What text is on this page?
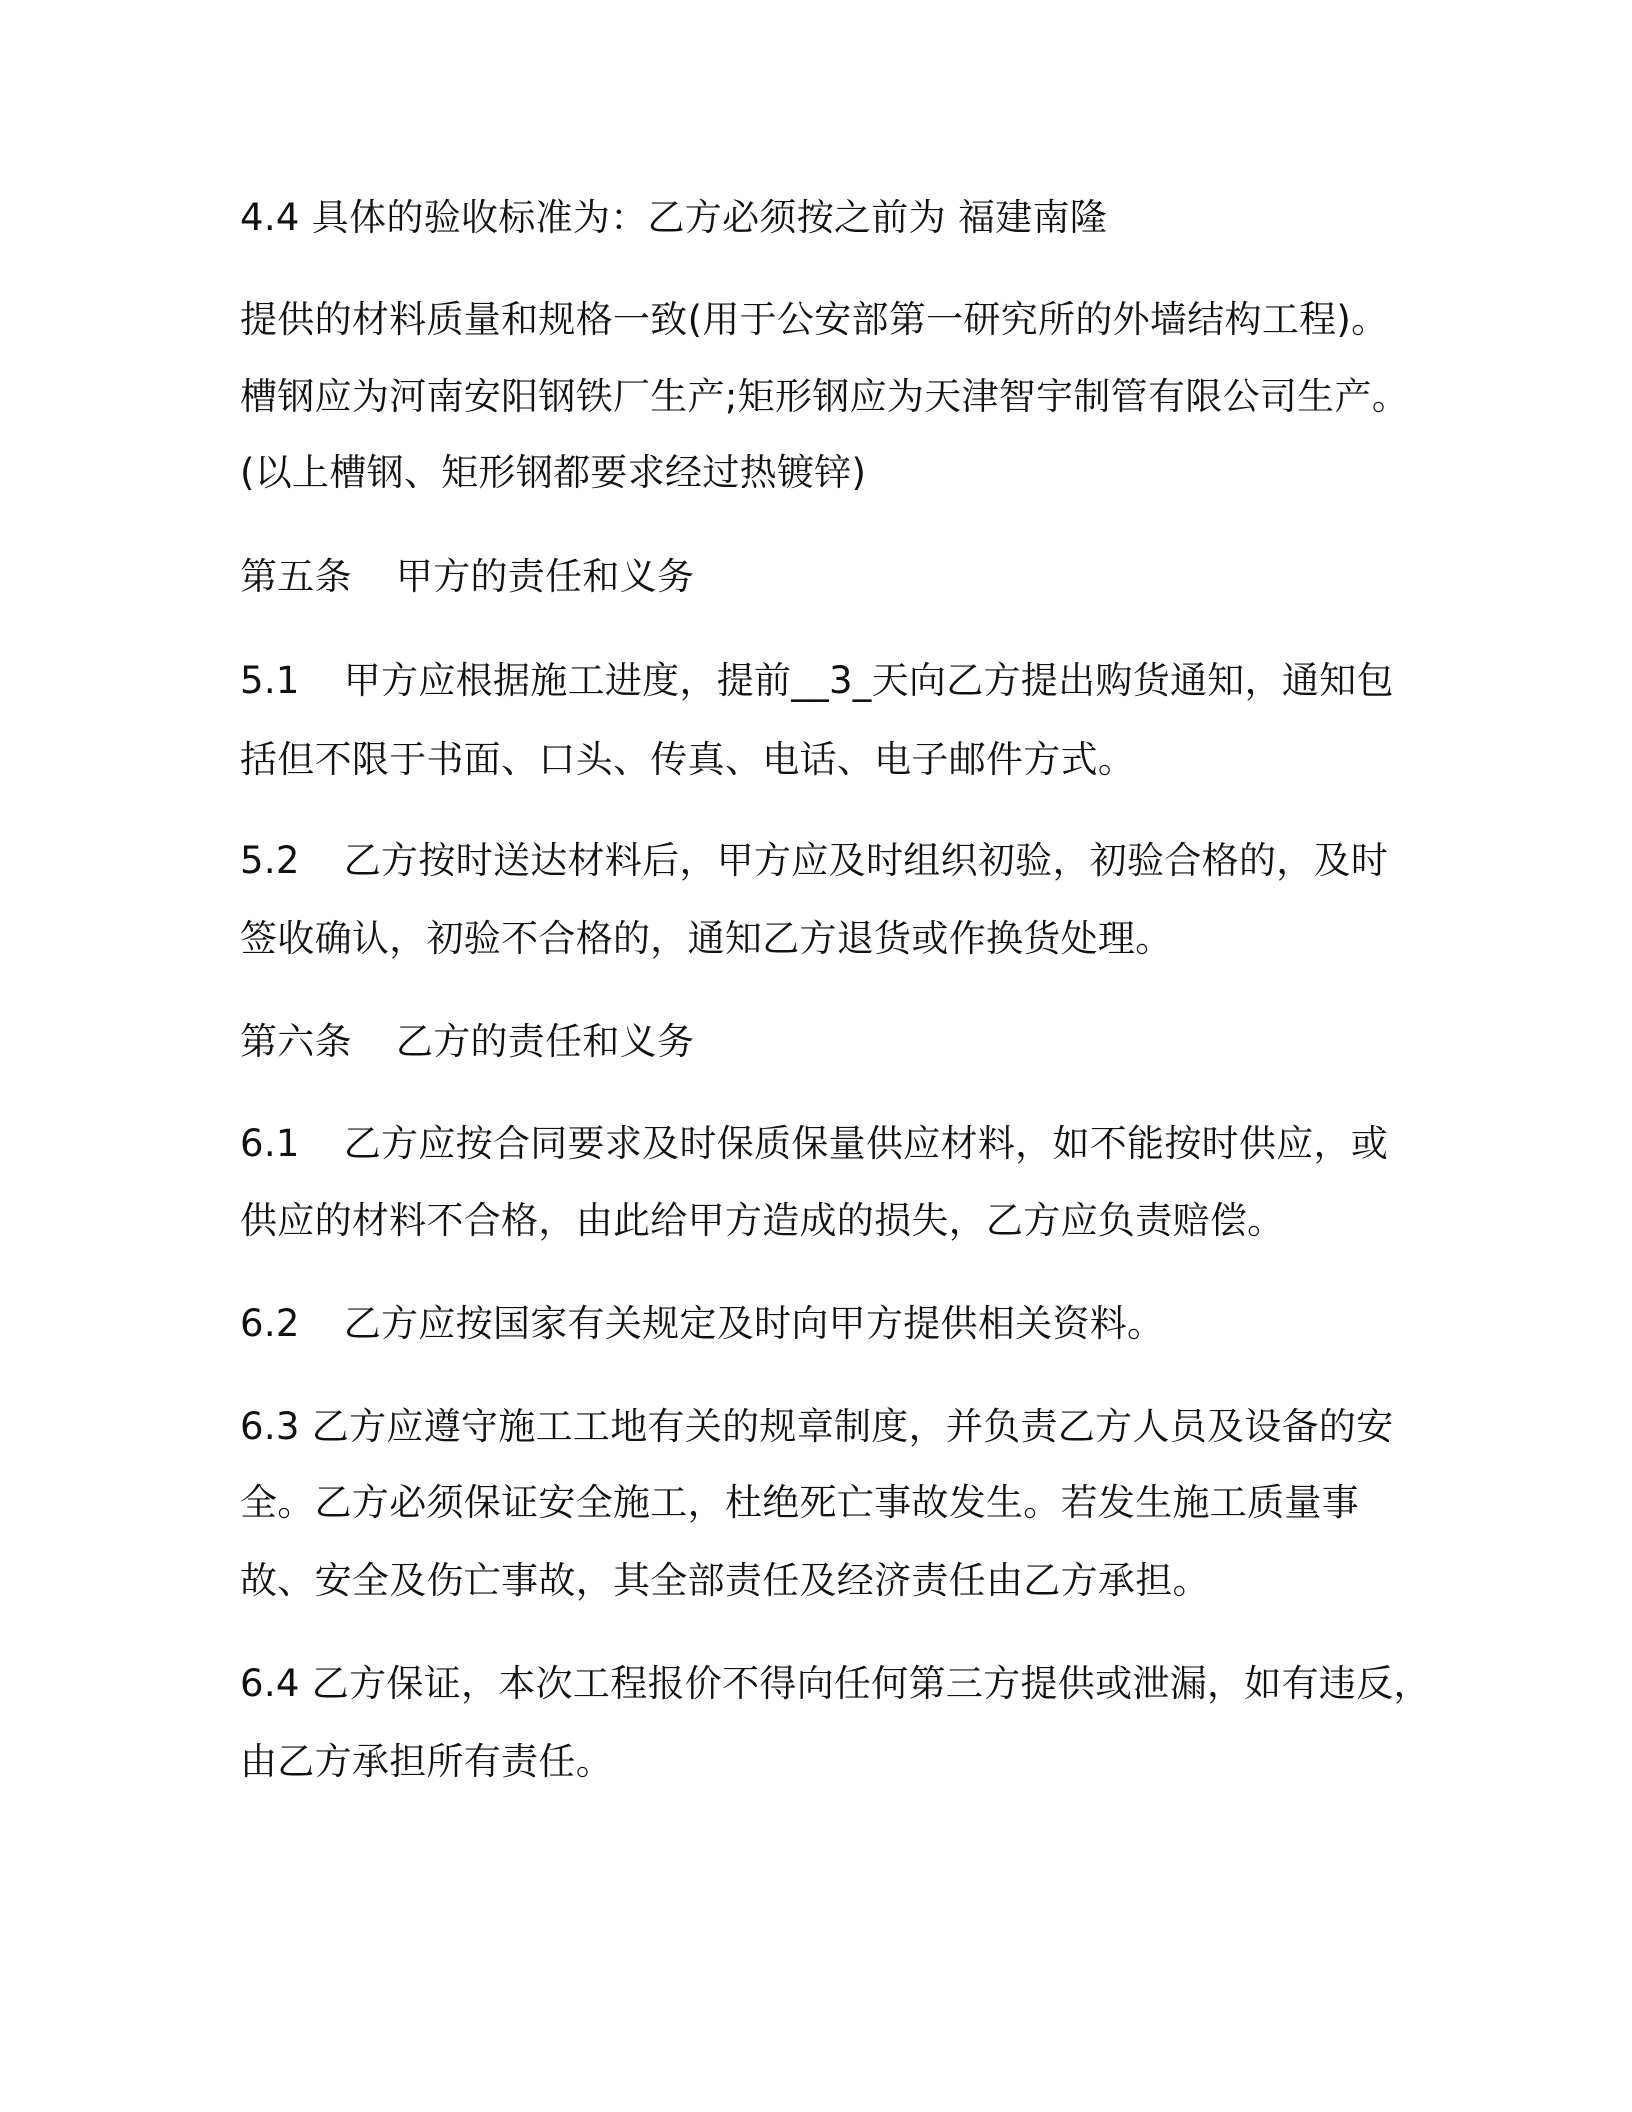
4.4 具体的验收标准为：乙方必须按之前为 福建南隆
提供的材料质量和规格一致(用于公安部第一研究所的外墙结构工程)。
槽钢应为河南安阳钢铁厂生产;矩形钢应为天津智宇制管有限公司生产。
(以上槽钢、矩形钢都要求经过热镀锌)
第五条 甲方的责任和义务
5.1 甲方应根据施工进度，提前__3_天向乙方提出购货通知，通知包
括但不限于书面、口头、传真、电话、电子邮件方式。
5.2 乙方按时送达材料后，甲方应及时组织初验，初验合格的，及时
签收确认，初验不合格的，通知乙方退货或作换货处理。
第六条 乙方的责任和义务
6.1 乙方应按合同要求及时保质保量供应材料，如不能按时供应，或
供应的材料不合格，由此给甲方造成的损失，乙方应负责赔偿。
6.2 乙方应按国家有关规定及时向甲方提供相关资料。
6.3 乙方应遵守施工工地有关的规章制度，并负责乙方人员及设备的安
全。乙方必须保证安全施工，杜绝死亡事故发生。若发生施工质量事
故、安全及伤亡事故，其全部责任及经济责任由乙方承担。
6.4 乙方保证，本次工程报价不得向任何第三方提供或泄漏，如有违反，
由乙方承担所有责任。
